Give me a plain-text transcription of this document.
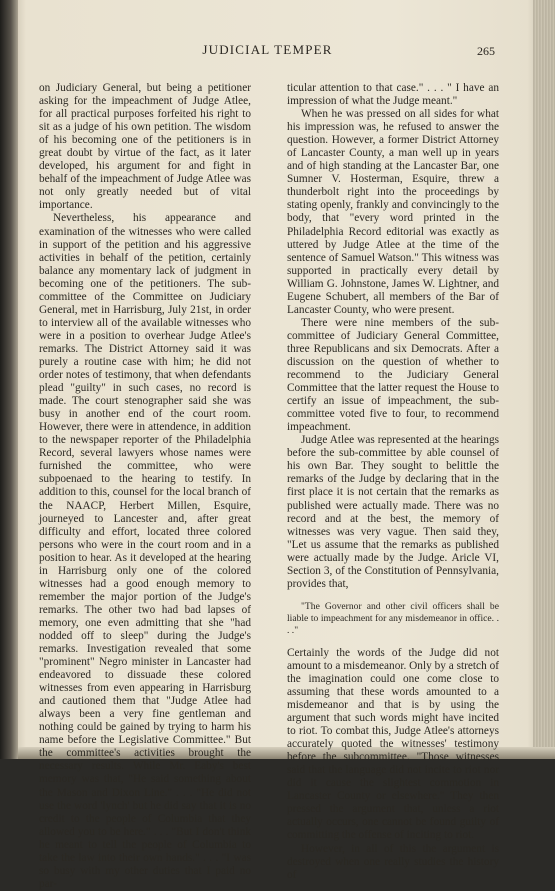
JUDICIAL TEMPER	265

on Judiciary General, but being a petitioner asking for the impeachment of Judge Atlee, for all practical purposes forfeited his right to sit as a judge of his own petition. The wisdom of his becoming one of the petitioners is in great doubt by virtue of the fact, as it later developed, his argument for and fight in behalf of the impeachment of Judge Atlee was not only greatly needed but of vital importance.

Nevertheless, his appearance and examination of the witnesses who were called in support of the petition and his aggressive activities in behalf of the petition, certainly balance any momentary lack of judgment in becoming one of the petitioners. The sub-committee of the Committee on Judiciary General, met in Harrisburg, July 21st, in order to interview all of the available witnesses who were in a position to overhear Judge Atlee's remarks. The District Attorney said it was purely a routine case with him; he did not order notes of testimony, that when defendants plead "guilty" in such cases, no record is made. The court stenographer said she was busy in another end of the court room. However, there were in attendence, in addition to the newspaper reporter of the Philadelphia Record, several lawyers whose names were furnished the committee, who were subpoenaed to the hearing to testify. In addition to this, counsel for the local branch of the NAACP, Herbert Millen, Esquire, journeyed to Lancester and, after great difficulty and effort, located three colored persons who were in the court room and in a position to hear. As it developed at the hearing in Harrisburg only one of the colored witnesses had a good enough memory to remember the major portion of the Judge's remarks. The other two had bad lapses of memory, one even admitting that she "had nodded off to sleep" during the Judge's remarks. Investigation revealed that some "prominent" Negro minister in Lancaster had endeavored to dissuade these colored witnesses from even appearing in Harrisburg and cautioned them that "Judge Atlee had always been a very fine gentleman and nothing could be gained by trying to harm his name before the Legislative Committee." But the committee's activities brought the necessary results. While Mr. Eaby's best memory was that, "He said something about the Mason and Dixon Line." . . . "He did not use the word 'lynch' but he did say that it is no credit to the people of Columbia that they allowed you to be here." . . . "But I don't think he meant to tell the people of Columbia to take the law into their own hands." . . . "I was so busy with my other duties that I paid no par-

ticular attention to that case." . . . " I have an impression of what the Judge meant."

When he was pressed on all sides for what his impression was, he refused to answer the question. However, a former District Attorney of Lancaster County, a man well up in years and of high standing at the Lancaster Bar, one Sumner V. Hosterman, Esquire, threw a thunderbolt right into the proceedings by stating openly, frankly and convincingly to the body, that "every word printed in the Philadelphia Record editorial was exactly as uttered by Judge Atlee at the time of the sentence of Samuel Watson." This witness was supported in practically every detail by William G. Johnstone, James W. Lightner, and Eugene Schubert, all members of the Bar of Lancaster County, who were present.

There were nine members of the sub-committee of Judiciary General Committee, three Republicans and six Democrats. After a discussion on the question of whether to recommend to the Judiciary General Committee that the latter request the House to certify an issue of impeachment, the sub-committee voted five to four, to recommend impeachment.

Judge Atlee was represented at the hearings before the sub-committee by able counsel of his own Bar. They sought to belittle the remarks of the Judge by declaring that in the first place it is not certain that the remarks as published were actually made. There was no record and at the best, the memory of witnesses was very vague. Then said they, "Let us assume that the remarks as published were actually made by the Judge. Aricle VI, Section 3, of the Constitution of Pennsylvania, provides that,

"The Governor and other civil officers shall be liable to impeachment for any misdemeanor in office. . . ."

Certainly the words of the Judge did not amount to a misdemeanor. Only by a stretch of the imagination could one come close to assuming that these words amounted to a misdemeanor and that is by using the argument that such words might have incited to riot. To combat this, Judge Atlee's attorneys accurately quoted the witnesses' testimony before the subcommittee. "Those witnesses said that the language did not incite to riot nor did it cause the slightest commotion in Lancaster County or elsewhere." They then pressed the argument that, unless a riot actually occurs, one cannot be found guilty of committing the offense of inciting to riot.

However, in all of this the argument is destroyed when one really studies the history of
